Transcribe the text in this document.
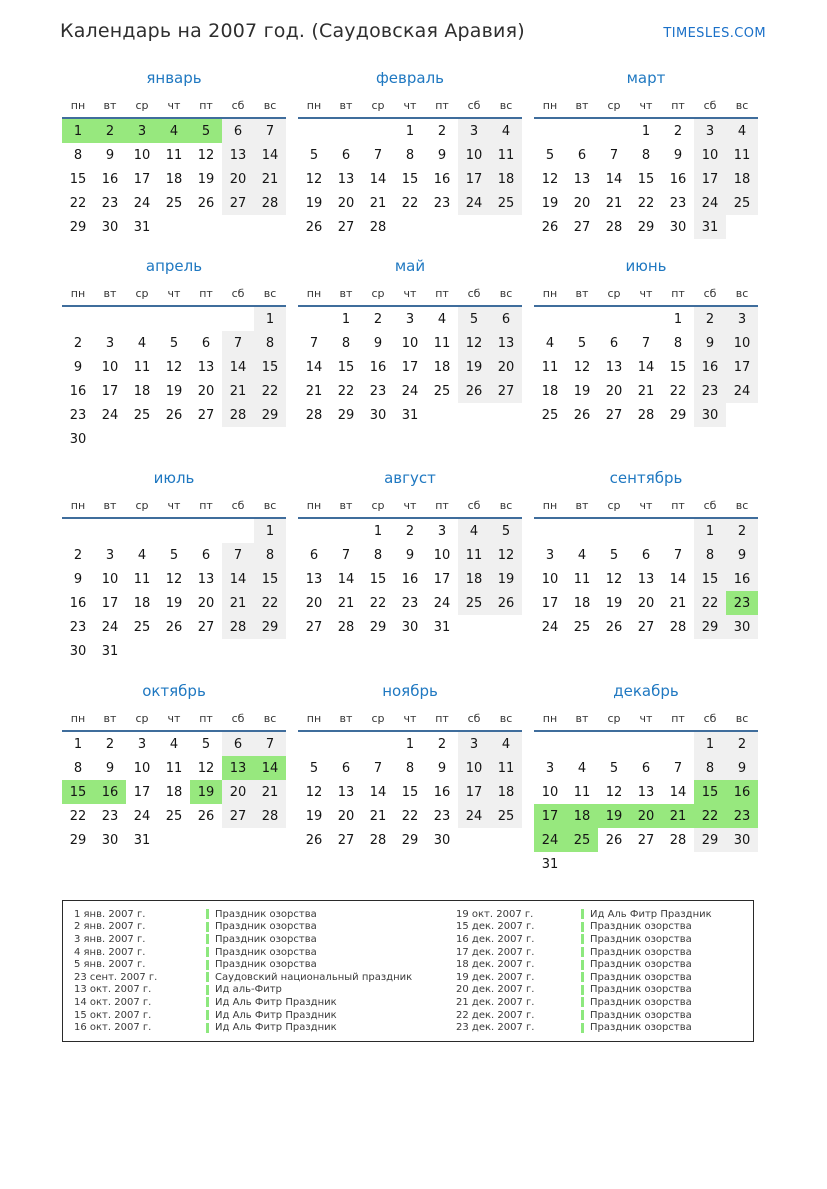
Календарь на 2007 год. (Саудовская Аравия)	TIMESLES.COM
январь
пн	вт	ср	чт	пт	сб	вс
1	2	3	4	5	6	7
8	9	10	11	12	13	14
15	16	17	18	19	20	21
22	23	24	25	26	27	28
29	30	31				
февраль
пн	вт	ср	чт	пт	сб	вс
			1	2	3	4
5	6	7	8	9	10	11
12	13	14	15	16	17	18
19	20	21	22	23	24	25
26	27	28				
март
пн	вт	ср	чт	пт	сб	вс
			1	2	3	4
5	6	7	8	9	10	11
12	13	14	15	16	17	18
19	20	21	22	23	24	25
26	27	28	29	30	31	
апрель
пн	вт	ср	чт	пт	сб	вс
						1
2	3	4	5	6	7	8
9	10	11	12	13	14	15
16	17	18	19	20	21	22
23	24	25	26	27	28	29
30						
май
пн	вт	ср	чт	пт	сб	вс
	1	2	3	4	5	6
7	8	9	10	11	12	13
14	15	16	17	18	19	20
21	22	23	24	25	26	27
28	29	30	31			
июнь
пн	вт	ср	чт	пт	сб	вс
				1	2	3
4	5	6	7	8	9	10
11	12	13	14	15	16	17
18	19	20	21	22	23	24
25	26	27	28	29	30	
июль
пн	вт	ср	чт	пт	сб	вс
						1
2	3	4	5	6	7	8
9	10	11	12	13	14	15
16	17	18	19	20	21	22
23	24	25	26	27	28	29
30	31					
август
пн	вт	ср	чт	пт	сб	вс
		1	2	3	4	5
6	7	8	9	10	11	12
13	14	15	16	17	18	19
20	21	22	23	24	25	26
27	28	29	30	31		
сентябрь
пн	вт	ср	чт	пт	сб	вс
					1	2
3	4	5	6	7	8	9
10	11	12	13	14	15	16
17	18	19	20	21	22	23
24	25	26	27	28	29	30
октябрь
пн	вт	ср	чт	пт	сб	вс
1	2	3	4	5	6	7
8	9	10	11	12	13	14
15	16	17	18	19	20	21
22	23	24	25	26	27	28
29	30	31				
ноябрь
пн	вт	ср	чт	пт	сб	вс
			1	2	3	4
5	6	7	8	9	10	11
12	13	14	15	16	17	18
19	20	21	22	23	24	25
26	27	28	29	30		
декабрь
пн	вт	ср	чт	пт	сб	вс
					1	2
3	4	5	6	7	8	9
10	11	12	13	14	15	16
17	18	19	20	21	22	23
24	25	26	27	28	29	30
31						
1 янв. 2007 г.	Праздник озорства	19 окт. 2007 г.	Ид Аль Фитр Праздник
2 янв. 2007 г.	Праздник озорства	15 дек. 2007 г.	Праздник озорства
3 янв. 2007 г.	Праздник озорства	16 дек. 2007 г.	Праздник озорства
4 янв. 2007 г.	Праздник озорства	17 дек. 2007 г.	Праздник озорства
5 янв. 2007 г.	Праздник озорства	18 дек. 2007 г.	Праздник озорства
23 сент. 2007 г.	Саудовский национальный праздник	19 дек. 2007 г.	Праздник озорства
13 окт. 2007 г.	Ид аль-Фитр	20 дек. 2007 г.	Праздник озорства
14 окт. 2007 г.	Ид Аль Фитр Праздник	21 дек. 2007 г.	Праздник озорства
15 окт. 2007 г.	Ид Аль Фитр Праздник	22 дек. 2007 г.	Праздник озорства
16 окт. 2007 г.	Ид Аль Фитр Праздник	23 дек. 2007 г.	Праздник озорства
